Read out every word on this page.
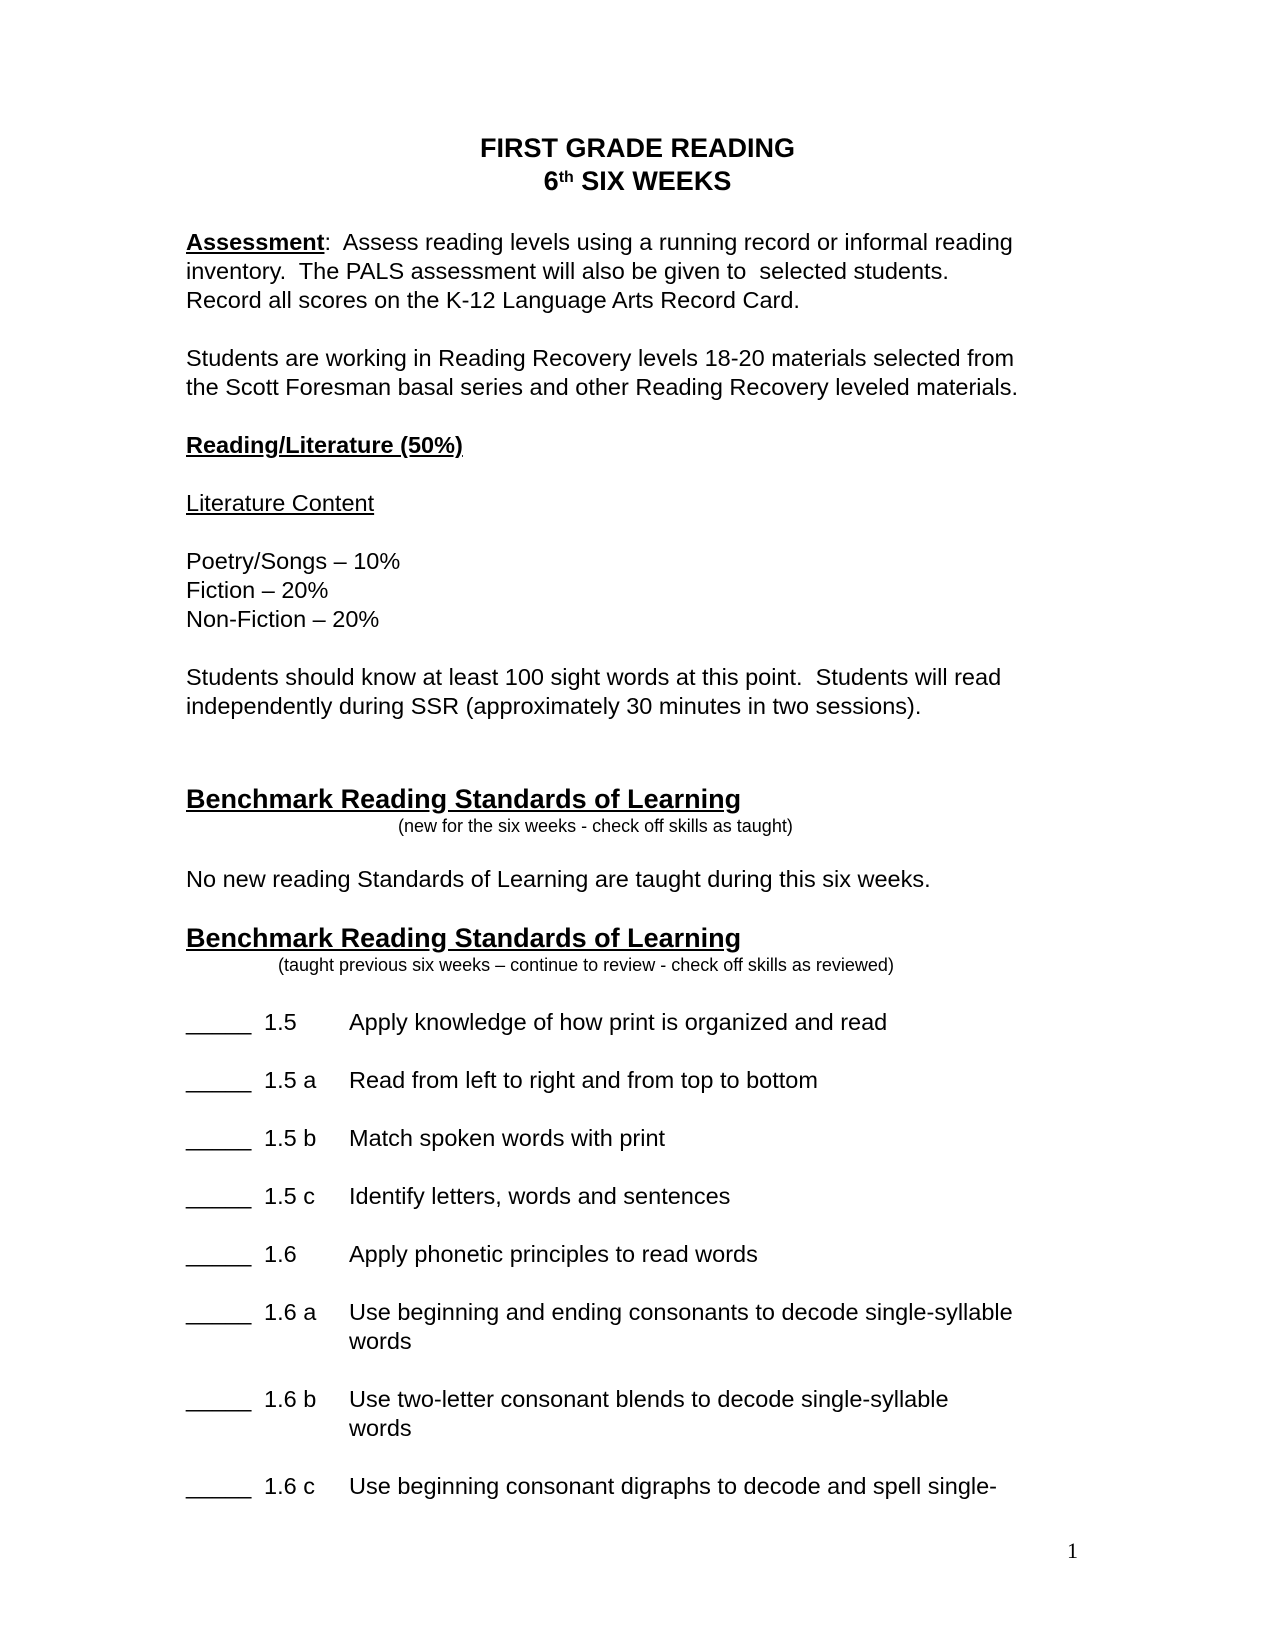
FIRST GRADE READING
6th SIX WEEKS

Assessment:  Assess reading levels using a running record or informal reading
inventory.  The PALS assessment will also be given to  selected students.
Record all scores on the K-12 Language Arts Record Card.

Students are working in Reading Recovery levels 18-20 materials selected from
the Scott Foresman basal series and other Reading Recovery leveled materials.

Reading/Literature (50%)

Literature Content

Poetry/Songs – 10%
Fiction – 20%
Non-Fiction – 20%

Students should know at least 100 sight words at this point.  Students will read
independently during SSR (approximately 30 minutes in two sessions).

Benchmark Reading Standards of Learning

(new for the six weeks - check off skills as taught)

No new reading Standards of Learning are taught during this six weeks.

Benchmark Reading Standards of Learning

(taught previous six weeks – continue to review - check off skills as reviewed)

_____ 1.5	Apply knowledge of how print is organized and read
_____ 1.5 a	Read from left to right and from top to bottom
_____ 1.5 b	Match spoken words with print
_____ 1.5 c	Identify letters, words and sentences
_____ 1.6	Apply phonetic principles to read words
_____ 1.6 a	Use beginning and ending consonants to decode single-syllable
words
_____ 1.6 b	Use two-letter consonant blends to decode single-syllable
words
_____ 1.6 c	Use beginning consonant digraphs to decode and spell single-
1
